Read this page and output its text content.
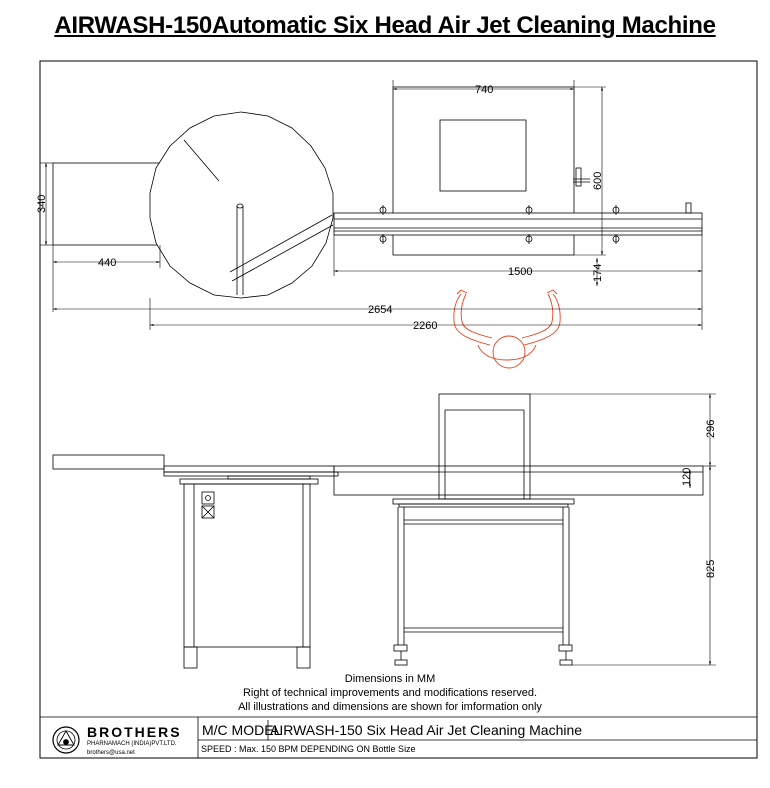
AIRWASH-150Automatic Six Head Air Jet Cleaning Machine
740
600
340
440
1500	174
2654
2260
296
120
825
Dimensions in MM
Right of technical improvements and modifications reserved.
All illustrations and dimensions are shown for imformation only
BROTHERS
PHARNAMACH (INDIA)PVT.LTD.
brothers@usa.net
M/C MODEL
AIRWASH-150 Six Head Air Jet Cleaning Machine
SPEED : Max. 150 BPM DEPENDING ON Bottle Size
